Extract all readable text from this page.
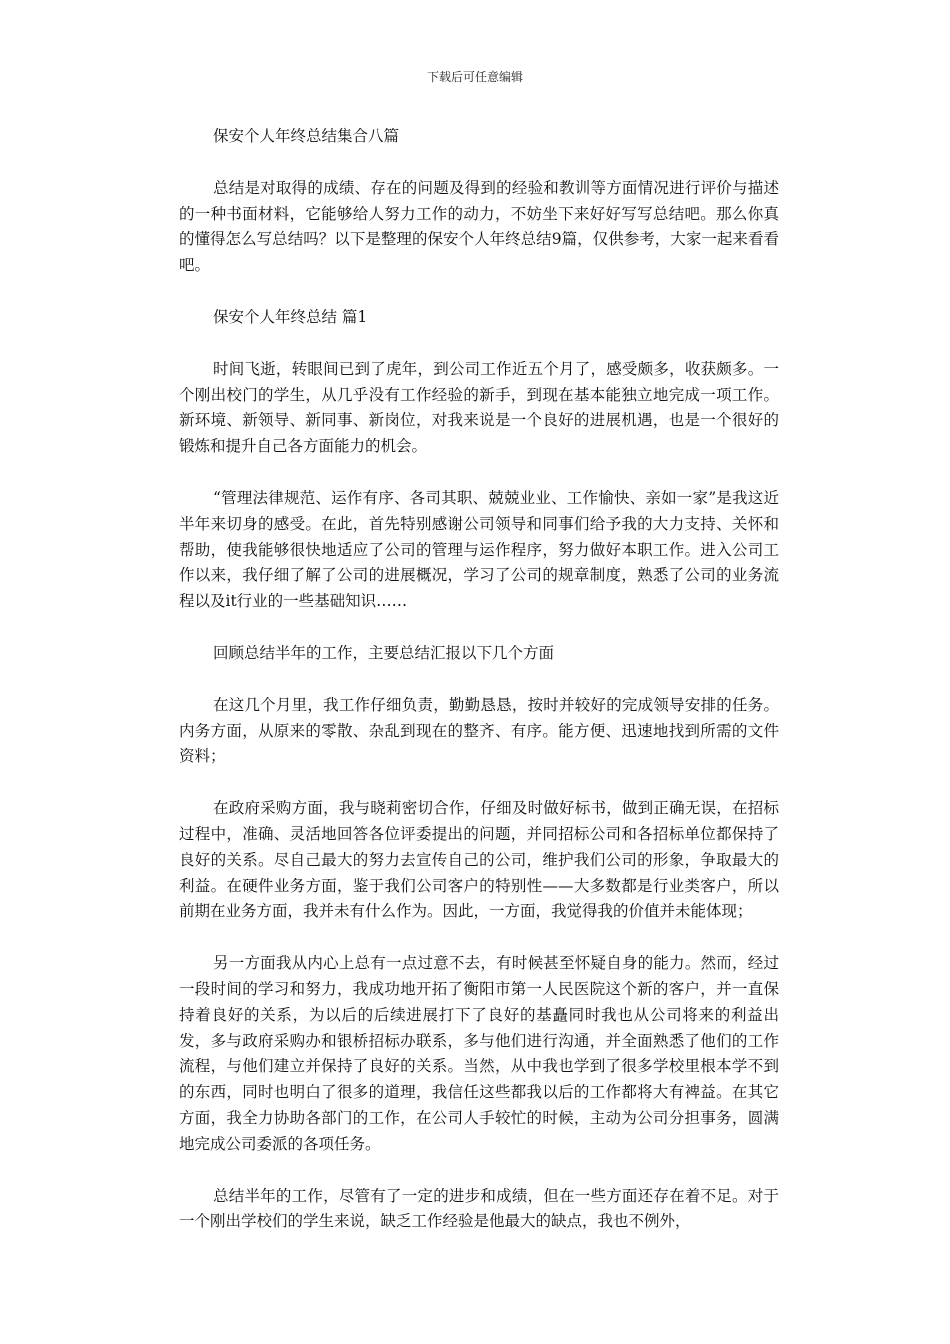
下载后可任意编辑

保安个人年终总结集合八篇

总结是对取得的成绩、存在的问题及得到的经验和教训等方面情况进行评价与描述的一种书面材料，它能够给人努力工作的动力，不妨坐下来好好写写总结吧。那么你真的懂得怎么写总结吗？以下是整理的保安个人年终总结9篇，仅供参考，大家一起来看看吧。

保安个人年终总结 篇1

时间飞逝，转眼间已到了虎年，到公司工作近五个月了，感受颇多，收获颇多。一个刚出校门的学生，从几乎没有工作经验的新手，到现在基本能独立地完成一项工作。新环境、新领导、新同事、新岗位，对我来说是一个良好的进展机遇，也是一个很好的锻炼和提升自己各方面能力的机会。

“管理法律规范、运作有序、各司其职、兢兢业业、工作愉快、亲如一家”是我这近半年来切身的感受。在此，首先特别感谢公司领导和同事们给予我的大力支持、关怀和帮助，使我能够很快地适应了公司的管理与运作程序，努力做好本职工作。进入公司工作以来，我仔细了解了公司的进展概况，学习了公司的规章制度，熟悉了公司的业务流程以及it行业的一些基础知识……

回顾总结半年的工作，主要总结汇报以下几个方面

在这几个月里，我工作仔细负责，勤勤恳恳，按时并较好的完成领导安排的任务。内务方面，从原来的零散、杂乱到现在的整齐、有序。能方便、迅速地找到所需的文件资料；

在政府采购方面，我与晓莉密切合作，仔细及时做好标书，做到正确无误，在招标过程中，准确、灵活地回答各位评委提出的问题，并同招标公司和各招标单位都保持了良好的关系。尽自己最大的努力去宣传自己的公司，维护我们公司的形象，争取最大的利益。在硬件业务方面，鉴于我们公司客户的特别性——大多数都是行业类客户，所以前期在业务方面，我并未有什么作为。因此，一方面，我觉得我的价值并未能体现；

另一方面我从内心上总有一点过意不去，有时候甚至怀疑自身的能力。然而，经过一段时间的学习和努力，我成功地开拓了衡阳市第一人民医院这个新的客户，并一直保持着良好的关系，为以后的后续进展打下了良好的基矗同时我也从公司将来的利益出发，多与政府采购办和银桥招标办联系，多与他们进行沟通，并全面熟悉了他们的工作流程，与他们建立并保持了良好的关系。当然，从中我也学到了很多学校里根本学不到的东西，同时也明白了很多的道理，我信任这些都我以后的工作都将大有裨益。在其它方面，我全力协助各部门的工作，在公司人手较忙的时候，主动为公司分担事务，圆满地完成公司委派的各项任务。

总结半年的工作，尽管有了一定的进步和成绩，但在一些方面还存在着不足。对于一个刚出学校们的学生来说，缺乏工作经验是他最大的缺点，我也不例外，
